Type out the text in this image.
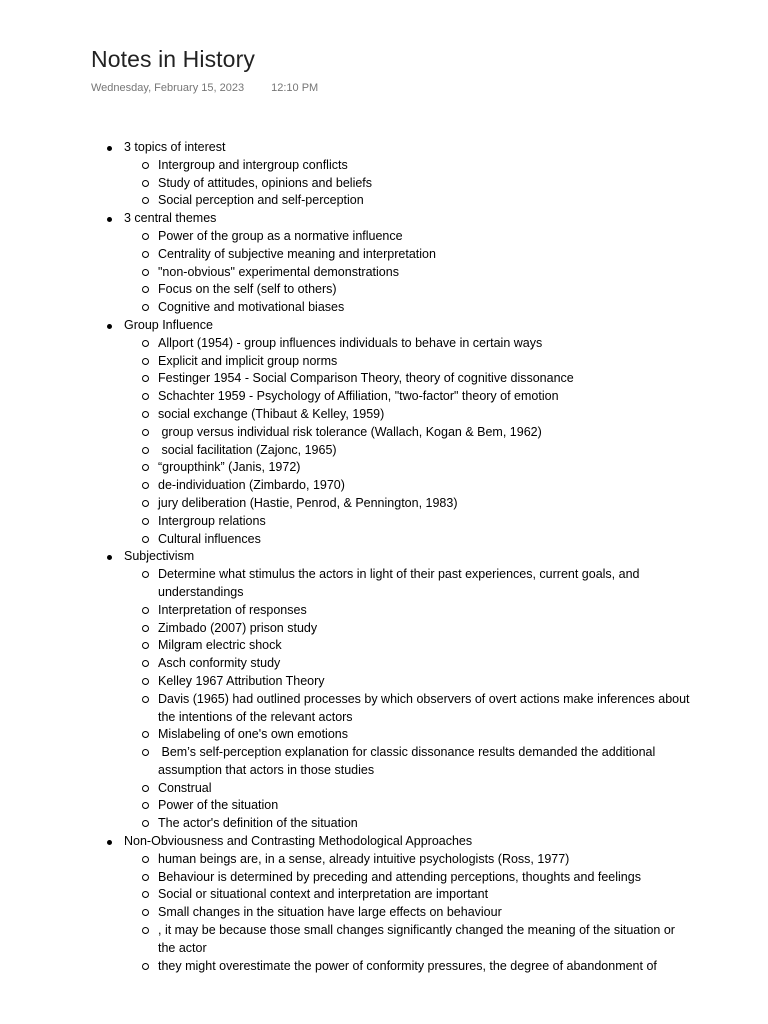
Notes in History
Wednesday, February 15, 2023 12:10 PM
3 topics of interest
Intergroup and intergroup conflicts
Study of attitudes, opinions and beliefs
Social perception and self-perception
3 central themes
Power of the group as a normative influence
Centrality of subjective meaning and interpretation
"non-obvious" experimental demonstrations
Focus on the self (self to others)
Cognitive and motivational biases
Group Influence
Allport (1954) - group influences individuals to behave in certain ways
Explicit and implicit group norms
Festinger 1954 - Social Comparison Theory, theory of cognitive dissonance
Schachter 1959 - Psychology of Affiliation, "two-factor" theory of emotion
social exchange (Thibaut & Kelley, 1959)
group versus individual risk tolerance (Wallach, Kogan & Bem, 1962)
social facilitation (Zajonc, 1965)
“groupthink” (Janis, 1972)
de-individuation (Zimbardo, 1970)
jury deliberation (Hastie, Penrod, & Pennington, 1983)
Intergroup relations
Cultural influences
Subjectivism
Determine what stimulus the actors in light of their past experiences, current goals, and understandings
Interpretation of responses
Zimbado (2007) prison study
Milgram electric shock
Asch conformity study
Kelley 1967 Attribution Theory
Davis (1965) had outlined processes by which observers of overt actions make inferences about the intentions of the relevant actors
Mislabeling of one's own emotions
Bem’s self-perception explanation for classic dissonance results demanded the additional assumption that actors in those studies
Construal
Power of the situation
The actor's definition of the situation
Non-Obviousness and Contrasting Methodological Approaches
human beings are, in a sense, already intuitive psychologists (Ross, 1977)
Behaviour is determined by preceding and attending perceptions, thoughts and feelings
Social or situational context and interpretation are important
Small changes in the situation have large effects on behaviour
, it may be because those small changes significantly changed the meaning of the situation or the actor
they might overestimate the power of conformity pressures, the degree of abandonment of
